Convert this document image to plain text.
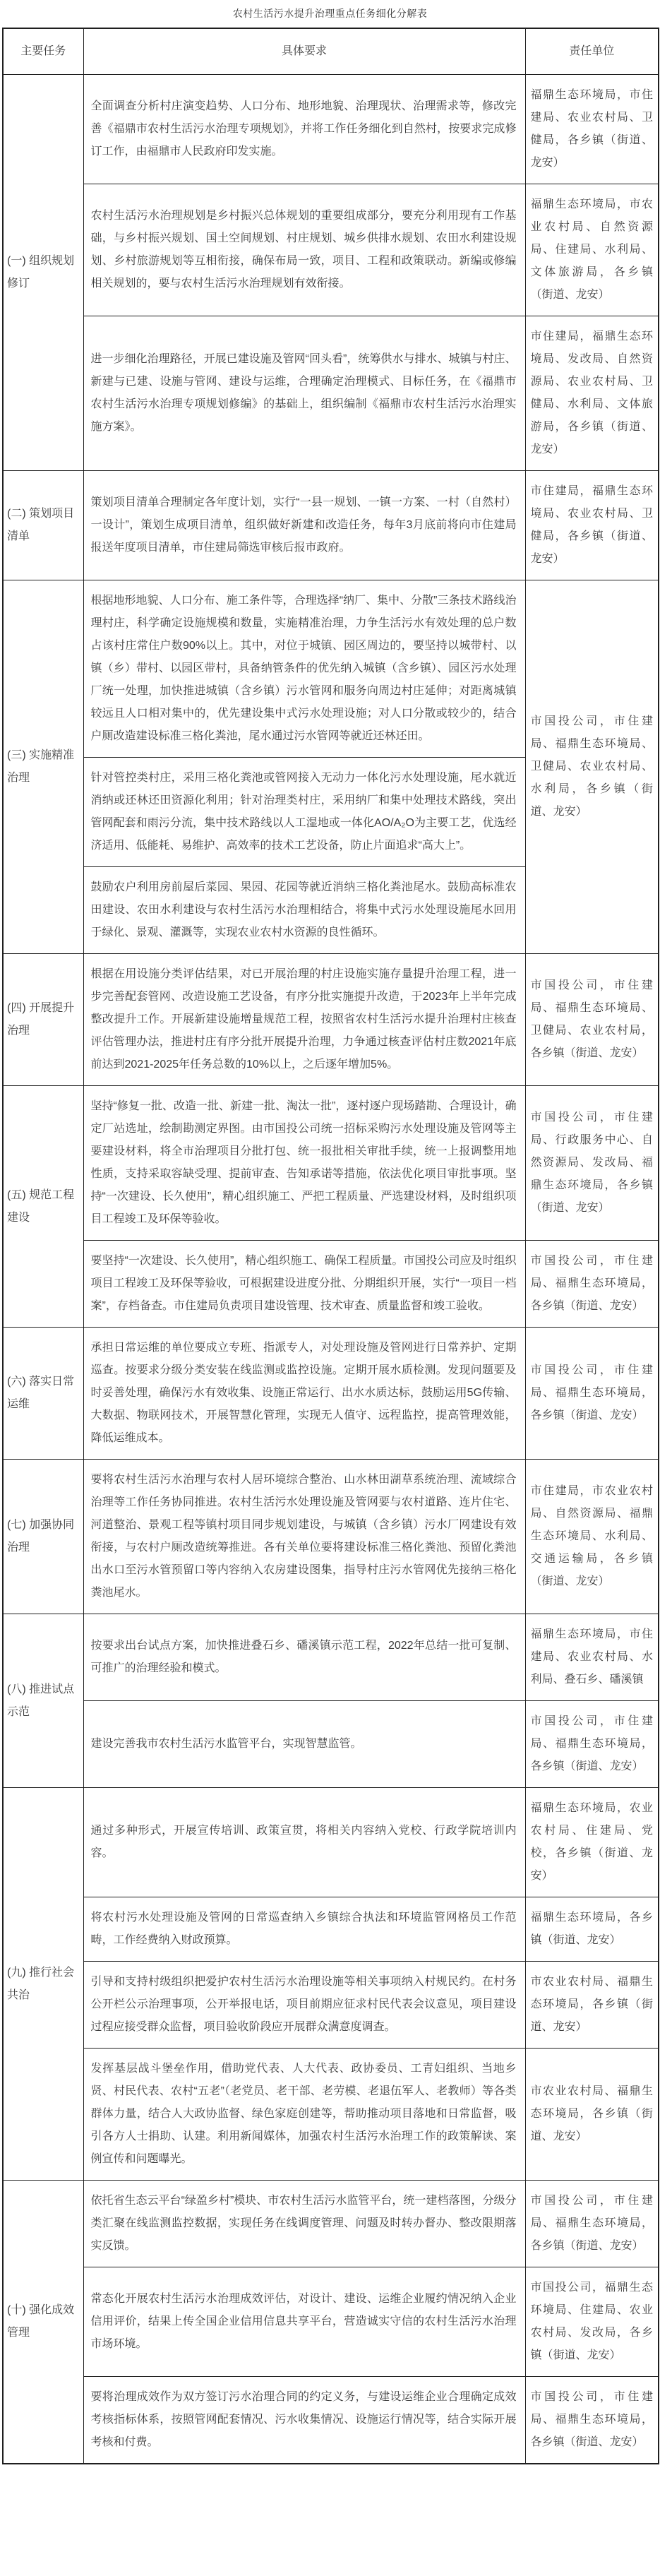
农村生活污水提升治理重点任务细化分解表
主要任务	具体要求	责任单位
(一) 组织规划修订	全面调查分析村庄演变趋势、人口分布、地形地貌、治理现状、治理需求等，修改完善《福鼎市农村生活污水治理专项规划》，并将工作任务细化到自然村，按要求完成修订工作，由福鼎市人民政府印发实施。	福鼎生态环境局，市住建局、农业农村局、卫健局，各乡镇（街道、龙安）
	农村生活污水治理规划是乡村振兴总体规划的重要组成部分，要充分利用现有工作基础，与乡村振兴规划、国土空间规划、村庄规划、城乡供排水规划、农田水利建设规划、乡村旅游规划等互相衔接，确保布局一致，项目、工程和政策联动。新编或修编相关规划的，要与农村生活污水治理规划有效衔接。	福鼎生态环境局，市农业农村局、自然资源局、住建局、水利局、文体旅游局，各乡镇（街道、龙安）
	进一步细化治理路径，开展已建设施及管网“回头看”，统筹供水与排水、城镇与村庄、新建与已建、设施与管网、建设与运维，合理确定治理模式、目标任务，在《福鼎市农村生活污水治理专项规划修编》的基础上，组织编制《福鼎市农村生活污水治理实施方案》。	市住建局，福鼎生态环境局、发改局、自然资源局、农业农村局、卫健局、水利局、文体旅游局，各乡镇（街道、龙安）
(二) 策划项目清单	策划项目清单合理制定各年度计划，实行“一县一规划、一镇一方案、一村（自然村）一设计”，策划生成项目清单，组织做好新建和改造任务，每年3月底前将向市住建局报送年度项目清单，市住建局筛选审核后报市政府。	市住建局，福鼎生态环境局、农业农村局、卫健局，各乡镇（街道、龙安）
(三) 实施精准治理	根据地形地貌、人口分布、施工条件等，合理选择“纳厂、集中、分散”三条技术路线治理村庄，科学确定设施规模和数量，实施精准治理，力争生活污水有效处理的总户数占该村庄常住户数90%以上。其中，对位于城镇、园区周边的，要坚持以城带村、以镇（乡）带村、以园区带村，具备纳管条件的优先纳入城镇（含乡镇）、园区污水处理厂统一处理，加快推进城镇（含乡镇）污水管网和服务向周边村庄延伸；对距离城镇较远且人口相对集中的，优先建设集中式污水处理设施；对人口分散或较少的，结合户厕改造建设标准三格化粪池，尾水通过污水管网等就近还林还田。	市国投公司，市住建局、福鼎生态环境局、卫健局、农业农村局、水利局，各乡镇（街道、龙安）
	针对管控类村庄，采用三格化粪池或管网接入无动力一体化污水处理设施，尾水就近消纳或还林还田资源化利用；针对治理类村庄，采用纳厂和集中处理技术路线，突出管网配套和雨污分流，集中技术路线以人工湿地或一体化AO/A₂O为主要工艺，优选经济适用、低能耗、易维护、高效率的技术工艺设备，防止片面追求“高大上”。	
	鼓励农户利用房前屋后菜园、果园、花园等就近消纳三格化粪池尾水。鼓励高标准农田建设、农田水利建设与农村生活污水治理相结合，将集中式污水处理设施尾水回用于绿化、景观、灌溉等，实现农业农村水资源的良性循环。	
(四) 开展提升治理	根据在用设施分类评估结果，对已开展治理的村庄设施实施存量提升治理工程，进一步完善配套管网、改造设施工艺设备，有序分批实施提升改造，于2023年上半年完成整改提升工作。开展新建设施增量规范工程，按照省农村生活污水提升治理村庄核查评估管理办法，推进村庄有序分批开展提升治理，力争通过核查评估村庄数2021年底前达到2021-2025年任务总数的10%以上，之后逐年增加5%。	市国投公司，市住建局、福鼎生态环境局、卫健局、农业农村局，各乡镇（街道、龙安）
(五) 规范工程建设	坚持“修复一批、改造一批、新建一批、淘汰一批”，逐村逐户现场踏勘、合理设计，确定厂站选址，绘制勘测定界图。由市国投公司统一招标采购污水处理设施及管网等主要建设材料，将全市治理项目分批打包、统一报批相关审批手续，统一上报调整用地性质，支持采取容缺受理、提前审查、告知承诺等措施，依法优化项目审批事项。坚持“一次建设、长久使用”，精心组织施工、严把工程质量、严选建设材料，及时组织项目工程竣工及环保等验收。	市国投公司，市住建局、行政服务中心、自然资源局、发改局、福鼎生态环境局，各乡镇（街道、龙安）
	要坚持“一次建设、长久使用”，精心组织施工、确保工程质量。市国投公司应及时组织项目工程竣工及环保等验收，可根据建设进度分批、分期组织开展，实行“一项目一档案”，存档备查。市住建局负责项目建设管理、技术审查、质量监督和竣工验收。	市国投公司，市住建局、福鼎生态环境局，各乡镇（街道、龙安）
(六) 落实日常运维	承担日常运维的单位要成立专班、指派专人，对处理设施及管网进行日常养护、定期巡查。按要求分级分类安装在线监测或监控设施。定期开展水质检测。发现问题要及时妥善处理，确保污水有效收集、设施正常运行、出水水质达标，鼓励运用5G传输、大数据、物联网技术，开展智慧化管理，实现无人值守、远程监控，提高管理效能，降低运维成本。	市国投公司，市住建局、福鼎生态环境局，各乡镇（街道、龙安）
(七) 加强协同治理	要将农村生活污水治理与农村人居环境综合整治、山水林田湖草系统治理、流域综合治理等工作任务协同推进。农村生活污水处理设施及管网要与农村道路、连片住宅、河道整治、景观工程等镇村项目同步规划建设，与城镇（含乡镇）污水厂网建设有效衔接，与农村户厕改造统筹推进。各有关单位要将建设标准三格化粪池、预留化粪池出水口至污水管预留口等内容纳入农房建设图集，指导村庄污水管网优先接纳三格化粪池尾水。	市住建局，市农业农村局、自然资源局、福鼎生态环境局、水利局、交通运输局，各乡镇（街道、龙安）
(八) 推进试点示范	按要求出台试点方案，加快推进叠石乡、磻溪镇示范工程，2022年总结一批可复制、可推广的治理经验和模式。	福鼎生态环境局，市住建局、农业农村局、水利局、叠石乡、磻溪镇
	建设完善我市农村生活污水监管平台，实现智慧监管。	市国投公司，市住建局、福鼎生态环境局，各乡镇（街道、龙安）
(九) 推行社会共治	通过多种形式，开展宣传培训、政策宣贯，将相关内容纳入党校、行政学院培训内容。	福鼎生态环境局，农业农村局、住建局、党校，各乡镇（街道、龙安）
	将农村污水处理设施及管网的日常巡查纳入乡镇综合执法和环境监管网格员工作范畴，工作经费纳入财政预算。	福鼎生态环境局，各乡镇（街道、龙安）
	引导和支持村级组织把爱护农村生活污水治理设施等相关事项纳入村规民约。在村务公开栏公示治理事项，公开举报电话，项目前期应征求村民代表会议意见，项目建设过程应接受群众监督，项目验收阶段应开展群众满意度调查。	市农业农村局、福鼎生态环境局，各乡镇（街道、龙安）
	发挥基层战斗堡垒作用，借助党代表、人大代表、政协委员、工青妇组织、当地乡贤、村民代表、农村“五老”（老党员、老干部、老劳模、老退伍军人、老教师）等各类群体力量，结合人大政协监督、绿色家庭创建等，帮助推动项目落地和日常监督，吸引各方人士捐助、认建。利用新闻媒体，加强农村生活污水治理工作的政策解读、案例宣传和问题曝光。	市农业农村局、福鼎生态环境局，各乡镇（街道、龙安）
(十) 强化成效管理	依托省生态云平台“绿盈乡村”模块、市农村生活污水监管平台，统一建档落图，分级分类汇聚在线监测监控数据，实现任务在线调度管理、问题及时转办督办、整改限期落实反馈。	市国投公司，市住建局、福鼎生态环境局，各乡镇（街道、龙安）
	常态化开展农村生活污水治理成效评估，对设计、建设、运维企业履约情况纳入企业信用评价，结果上传全国企业信用信息共享平台，营造诚实守信的农村生活污水治理市场环境。	市国投公司，福鼎生态环境局、住建局、农业农村局、发改局，各乡镇（街道、龙安）
	要将治理成效作为双方签订污水治理合同的约定义务，与建设运维企业合理确定成效考核指标体系，按照管网配套情况、污水收集情况、设施运行情况等，结合实际开展考核和付费。	市国投公司，市住建局、福鼎生态环境局，各乡镇（街道、龙安）
